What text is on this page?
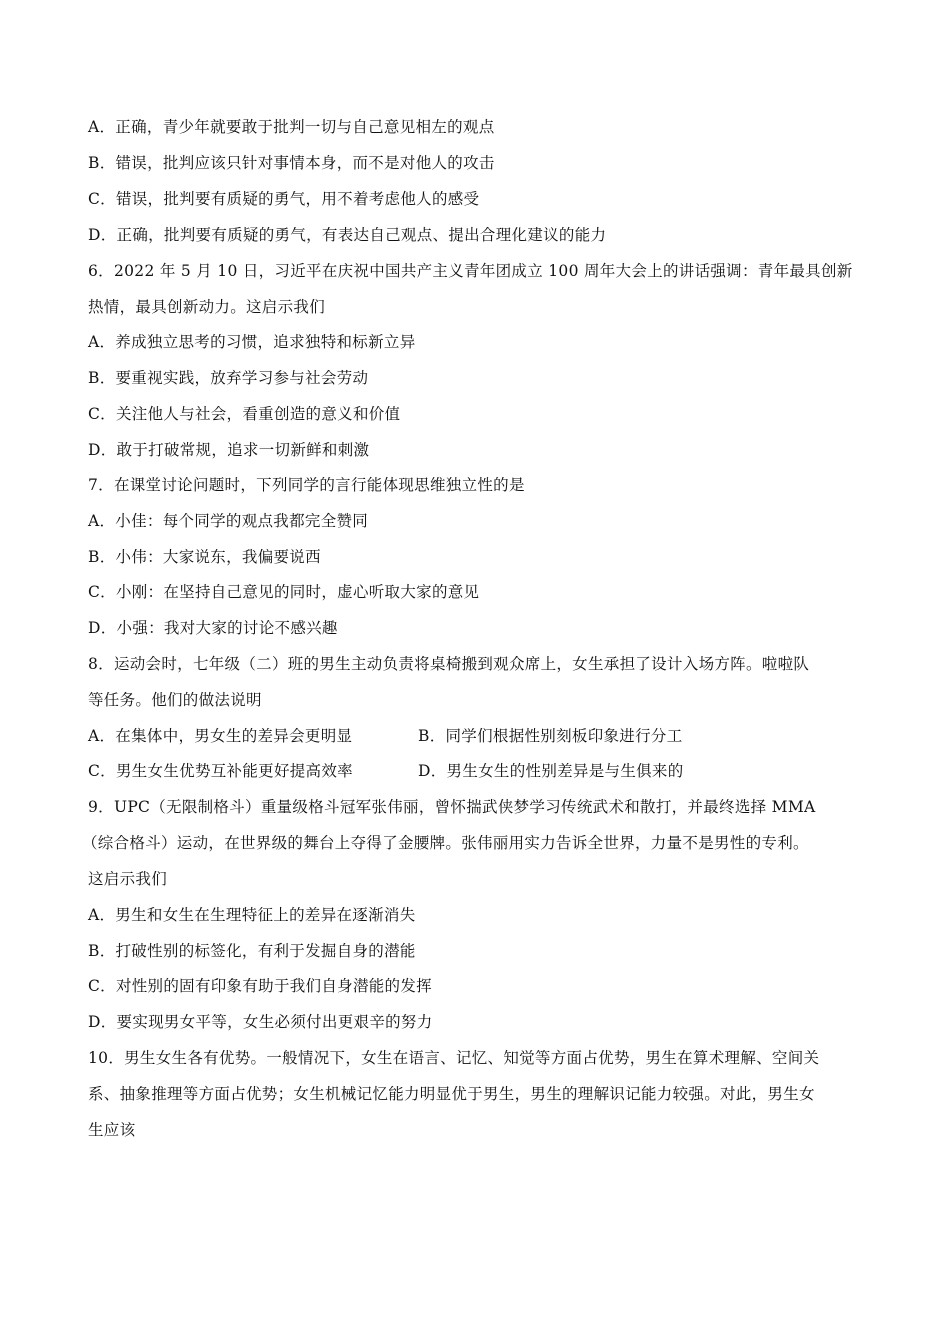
A．正确，青少年就要敢于批判一切与自己意见相左的观点
B．错误，批判应该只针对事情本身，而不是对他人的攻击
C．错误，批判要有质疑的勇气，用不着考虑他人的感受
D．正确，批判要有质疑的勇气，有表达自己观点、提出合理化建议的能力
6．2022 年 5 月 10 日，习近平在庆祝中国共产主义青年团成立 100 周年大会上的讲话强调：青年最具创新
热情，最具创新动力。这启示我们
A．养成独立思考的习惯，追求独特和标新立异
B．要重视实践，放弃学习参与社会劳动
C．关注他人与社会，看重创造的意义和价值
D．敢于打破常规，追求一切新鲜和刺激
7．在课堂讨论问题时，下列同学的言行能体现思维独立性的是
A．小佳：每个同学的观点我都完全赞同
B．小伟：大家说东，我偏要说西
C．小刚：在坚持自己意见的同时，虚心听取大家的意见
D．小强：我对大家的讨论不感兴趣
8．运动会时，七年级（二）班的男生主动负责将桌椅搬到观众席上，女生承担了设计入场方阵。啦啦队
等任务。他们的做法说明
A．在集体中，男女生的差异会更明显	B．同学们根据性别刻板印象进行分工
C．男生女生优势互补能更好提高效率	D．男生女生的性别差异是与生俱来的
9．UPC（无限制格斗）重量级格斗冠军张伟丽，曾怀揣武侠梦学习传统武术和散打，并最终选择 MMA
（综合格斗）运动，在世界级的舞台上夺得了金腰牌。张伟丽用实力告诉全世界，力量不是男性的专利。
这启示我们
A．男生和女生在生理特征上的差异在逐渐消失
B．打破性别的标签化，有利于发掘自身的潜能
C．对性别的固有印象有助于我们自身潜能的发挥
D．要实现男女平等，女生必须付出更艰辛的努力
10．男生女生各有优势。一般情况下，女生在语言、记忆、知觉等方面占优势，男生在算术理解、空间关
系、抽象推理等方面占优势；女生机械记忆能力明显优于男生，男生的理解识记能力较强。对此，男生女
生应该
